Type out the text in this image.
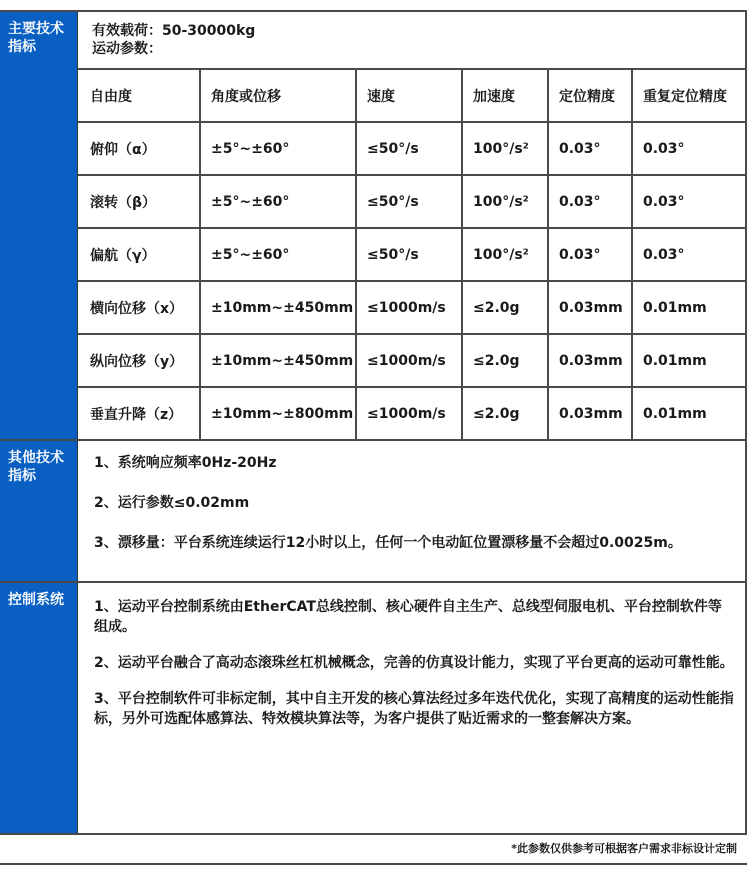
主要技术指标
有效载荷：50-30000kg
运动参数：
自由度	角度或位移	速度	加速度	定位精度	重复定位精度
俯仰（α）	±5°~±60°	≤50°/s	100°/s²	0.03°	0.03°
滚转（β）	±5°~±60°	≤50°/s	100°/s²	0.03°	0.03°
偏航（γ）	±5°~±60°	≤50°/s	100°/s²	0.03°	0.03°
横向位移（x）	±10mm~±450mm	≤1000m/s	≤2.0g	0.03mm	0.01mm
纵向位移（y）	±10mm~±450mm	≤1000m/s	≤2.0g	0.03mm	0.01mm
垂直升降（z）	±10mm~±800mm	≤1000m/s	≤2.0g	0.03mm	0.01mm
其他技术指标
1、系统响应频率0Hz-20Hz
2、运行参数≤0.02mm
3、漂移量：平台系统连续运行12小时以上，任何一个电动缸位置漂移量不会超过0.0025m。
控制系统	1、运动平台控制系统由EtherCAT总线控制、核心硬件自主生产、总线型伺服电机、平台控制软件等组成。
2、运动平台融合了高动态滚珠丝杠机械概念，完善的仿真设计能力，实现了平台更高的运动可靠性能。
3、平台控制软件可非标定制，其中自主开发的核心算法经过多年迭代优化，实现了高精度的运动性能指标，另外可选配体感算法、特效模块算法等，为客户提供了贴近需求的一整套解决方案。
*此参数仅供参考可根据客户需求非标设计定制
